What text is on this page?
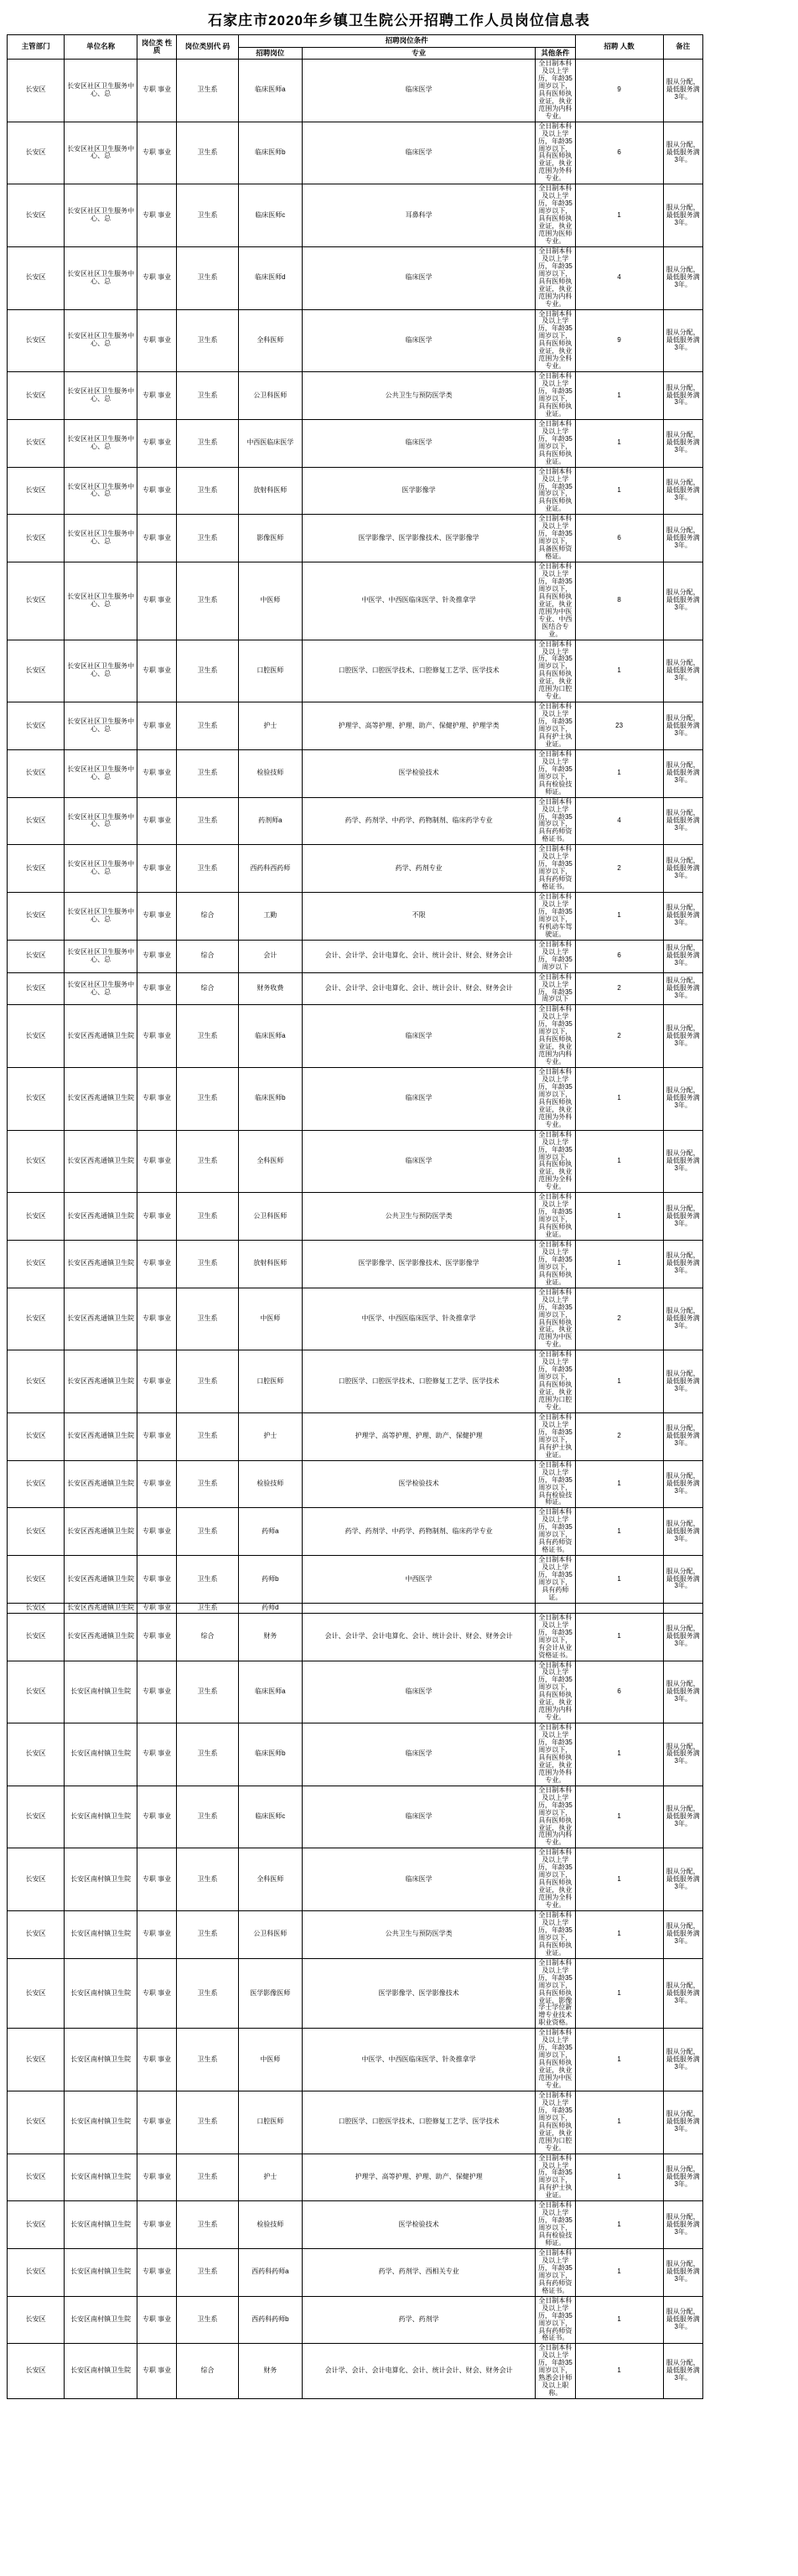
石家庄市2020年乡镇卫生院公开招聘工作人员岗位信息表
主管部门	单位名称	岗位类 性质	岗位类别代 码	招聘岗位条件			招聘 人数	备注
				招聘岗位	专业	其他条件		
长安区	长安区社区卫生服务中心、总	专职 事业	卫生系	临床医师a	临床医学	全日制本科及以上学历，年龄35周岁以下，具有医师执业证，执业范围为内科专业。	9	服从分配，最低服务满3年。
长安区	长安区社区卫生服务中心、总	专职 事业	卫生系	临床医师b	临床医学	全日制本科及以上学历，年龄35周岁以下，具有医师执业证，执业范围为外科专业。	6	服从分配，最低服务满3年。
长安区	长安区社区卫生服务中心、总	专职 事业	卫生系	临床医师c	耳鼻科学	全日制本科及以上学历，年龄35周岁以下，具有医师执业证，执业范围为医师专业。	1	服从分配，最低服务满3年。
长安区	长安区社区卫生服务中心、总	专职 事业	卫生系	临床医师d	临床医学	全日制本科及以上学历，年龄35周岁以下，具有医师执业证，执业范围为内科专业。	4	服从分配，最低服务满3年。
长安区	长安区社区卫生服务中心、总	专职 事业	卫生系	全科医师	临床医学	全日制本科及以上学历，年龄35周岁以下，具有医师执业证，执业范围为全科专业。	9	服从分配，最低服务满3年。
长安区	长安区社区卫生服务中心、总	专职 事业	卫生系	公卫科医师	公共卫生与预防医学类	全日制本科及以上学历，年龄35周岁以下，具有医师执业证。	1	服从分配，最低服务满3年。
长安区	长安区社区卫生服务中心、总	专职 事业	卫生系	中西医临床医学	临床医学	全日制本科及以上学历，年龄35周岁以下，具有医师执业证。	1	服从分配，最低服务满3年。
长安区	长安区社区卫生服务中心、总	专职 事业	卫生系	放射科医师	医学影像学	全日制本科及以上学历，年龄35周岁以下，具有医师执业证。	1	服从分配，最低服务满3年。
长安区	长安区社区卫生服务中心、总	专职 事业	卫生系	影像医师	医学影像学、医学影像技术、医学影像学	全日制本科及以上学历，年龄35周岁以下，具备医师资格证。	6	服从分配，最低服务满3年。
长安区	长安区社区卫生服务中心、总	专职 事业	卫生系	中医师	中医学、中西医临床医学、针灸推拿学	全日制本科及以上学历，年龄35周岁以下，具有医师执业证，执业范围为中医专业、中西医结合专业。	8	服从分配，最低服务满3年。
长安区	长安区社区卫生服务中心、总	专职 事业	卫生系	口腔医师	口腔医学、口腔医学技术、口腔修复工艺学、医学技术	全日制本科及以上学历，年龄35周岁以下，具有医师执业证，执业范围为口腔专业。	1	服从分配，最低服务满3年。
长安区	长安区社区卫生服务中心、总	专职 事业	卫生系	护士	护理学、高等护理、护理、助产、保健护理、护理学类	全日制本科及以上学历，年龄35周岁以下，具有护士执业证。	23	服从分配，最低服务满3年。
长安区	长安区社区卫生服务中心、总	专职 事业	卫生系	检验技师	医学检验技术	全日制本科及以上学历，年龄35周岁以下，具有检验技师证。	1	服从分配，最低服务满3年。
长安区	长安区社区卫生服务中心、总	专职 事业	卫生系	药剂师a	药学、药剂学、中药学、药物制剂、临床药学专业	全日制本科及以上学历，年龄35周岁以下，具有药师资格证书。	4	服从分配，最低服务满3年。
长安区	长安区社区卫生服务中心、总	专职 事业	卫生系	西药科西药师	药学、药剂专业	全日制本科及以上学历，年龄35周岁以下，具有药师资格证书。	2	服从分配，最低服务满3年。
长安区	长安区社区卫生服务中心、总	专职 事业	综合	工勤	不限	全日制本科及以上学历，年龄35周岁以下，有机动车驾驶证。	1	服从分配，最低服务满3年。
长安区	长安区社区卫生服务中心、总	专职 事业	综合	会计	会计、会计学、会计电算化、会计、统计会计、财会、财务会计	全日制本科及以上学历，年龄35周岁以下	6	服从分配，最低服务满3年。
长安区	长安区社区卫生服务中心、总	专职 事业	综合	财务收费	会计、会计学、会计电算化、会计、统计会计、财会、财务会计	全日制本科及以上学历，年龄35周岁以下	2	服从分配，最低服务满3年。
长安区	长安区西兆通镇卫生院	专职 事业	卫生系	临床医师a	临床医学	全日制本科及以上学历，年龄35周岁以下，具有医师执业证，执业范围为内科专业。	2	服从分配，最低服务满3年。
长安区	长安区西兆通镇卫生院	专职 事业	卫生系	临床医师b	临床医学	全日制本科及以上学历，年龄35周岁以下，具有医师执业证，执业范围为外科专业。	1	服从分配，最低服务满3年。
长安区	长安区西兆通镇卫生院	专职 事业	卫生系	全科医师	临床医学	全日制本科及以上学历，年龄35周岁以下，具有医师执业证，执业范围为全科专业。	1	服从分配，最低服务满3年。
长安区	长安区西兆通镇卫生院	专职 事业	卫生系	公卫科医师	公共卫生与预防医学类	全日制本科及以上学历，年龄35周岁以下，具有医师执业证。	1	服从分配，最低服务满3年。
长安区	长安区西兆通镇卫生院	专职 事业	卫生系	放射科医师	医学影像学、医学影像技术、医学影像学	全日制本科及以上学历，年龄35周岁以下，具有医师执业证。	1	服从分配，最低服务满3年。
长安区	长安区西兆通镇卫生院	专职 事业	卫生系	中医师	中医学、中西医临床医学、针灸推拿学	全日制本科及以上学历，年龄35周岁以下，具有医师执业证，执业范围为中医专业。	2	服从分配，最低服务满3年。
长安区	长安区西兆通镇卫生院	专职 事业	卫生系	口腔医师	口腔医学、口腔医学技术、口腔修复工艺学、医学技术	全日制本科及以上学历，年龄35周岁以下，具有医师执业证，执业范围为口腔专业。	1	服从分配，最低服务满3年。
长安区	长安区西兆通镇卫生院	专职 事业	卫生系	护士	护理学、高等护理、护理、助产、保健护理	全日制本科及以上学历，年龄35周岁以下，具有护士执业证。	2	服从分配，最低服务满3年。
长安区	长安区西兆通镇卫生院	专职 事业	卫生系	检验技师	医学检验技术	全日制本科及以上学历，年龄35周岁以下，具有检验技师证。	1	服从分配，最低服务满3年。
长安区	长安区西兆通镇卫生院	专职 事业	卫生系	药师a	药学、药剂学、中药学、药物制剂、临床药学专业	全日制本科及以上学历，年龄35周岁以下，具有药师资格证书。	1	服从分配，最低服务满3年。
长安区	长安区西兆通镇卫生院	专职 事业	卫生系	药师b	中西医学	全日制本科及以上学历，年龄35周岁以下，具有药师证。	1	服从分配，最低服务满3年。
长安区	长安区西兆通镇卫生院	专职 事业	卫生系	药师d				
长安区	长安区西兆通镇卫生院	专职 事业	综合	财务	会计、会计学、会计电算化、会计、统计会计、财会、财务会计	全日制本科及以上学历，年龄35周岁以下，有会计从业资格证书。	1	服从分配，最低服务满3年。
长安区	长安区南村镇卫生院	专职 事业	卫生系	临床医师a	临床医学	全日制本科及以上学历，年龄35周岁以下，具有医师执业证，执业范围为内科专业。	6	服从分配，最低服务满3年。
长安区	长安区南村镇卫生院	专职 事业	卫生系	临床医师b	临床医学	全日制本科及以上学历，年龄35周岁以下，具有医师执业证，执业范围为外科专业。	1	服从分配，最低服务满3年。
长安区	长安区南村镇卫生院	专职 事业	卫生系	临床医师c	临床医学	全日制本科及以上学历，年龄35周岁以下，具有医师执业证，执业范围为内科专业。	1	服从分配，最低服务满3年。
长安区	长安区南村镇卫生院	专职 事业	卫生系	全科医师	临床医学	全日制本科及以上学历，年龄35周岁以下，具有医师执业证，执业范围为全科专业。	1	服从分配，最低服务满3年。
长安区	长安区南村镇卫生院	专职 事业	卫生系	公卫科医师	公共卫生与预防医学类	全日制本科及以上学历，年龄35周岁以下，具有医师执业证。	1	服从分配，最低服务满3年。
长安区	长安区南村镇卫生院	专职 事业	卫生系	医学影像医师	医学影像学、医学影像技术	全日制本科及以上学历，年龄35周岁以下，具有医师执业证，影像学士学位新增专业技术职业资格。	1	服从分配，最低服务满3年。
长安区	长安区南村镇卫生院	专职 事业	卫生系	中医师	中医学、中西医临床医学、针灸推拿学	全日制本科及以上学历，年龄35周岁以下，具有医师执业证，执业范围为中医专业。	1	服从分配，最低服务满3年。
长安区	长安区南村镇卫生院	专职 事业	卫生系	口腔医师	口腔医学、口腔医学技术、口腔修复工艺学、医学技术	全日制本科及以上学历，年龄35周岁以下，具有医师执业证，执业范围为口腔专业。	1	服从分配，最低服务满3年。
长安区	长安区南村镇卫生院	专职 事业	卫生系	护士	护理学、高等护理、护理、助产、保健护理	全日制本科及以上学历，年龄35周岁以下，具有护士执业证。	1	服从分配，最低服务满3年。
长安区	长安区南村镇卫生院	专职 事业	卫生系	检验技师	医学检验技术	全日制本科及以上学历，年龄35周岁以下，具有检验技师证。	1	服从分配，最低服务满3年。
长安区	长安区南村镇卫生院	专职 事业	卫生系	西药科药师a	药学、药剂学、西相关专业	全日制本科及以上学历，年龄35周岁以下，具有药师资格证书。	1	服从分配，最低服务满3年。
长安区	长安区南村镇卫生院	专职 事业	卫生系	西药科药师b	药学、药剂学	全日制本科及以上学历，年龄35周岁以下，具有药师资格证书。	1	服从分配，最低服务满3年。
长安区	长安区南村镇卫生院	专职 事业	综合	财务	会计学、会计、会计电算化、会计、统计会计、财会、财务会计	全日制本科及以上学历，年龄35周岁以下，熟悉会计师及以上职称。	1	服从分配，最低服务满3年。
